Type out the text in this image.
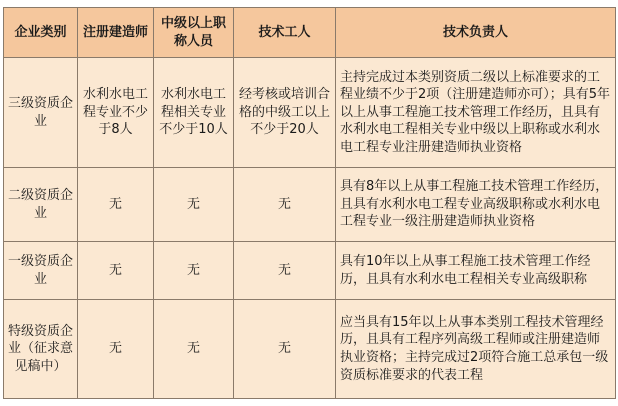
企业类别	注册建造师	中级以上职称人员	技术工人	技术负责人
三级资质企业	水利水电工程专业不少于8人	水利水电工程相关专业不少于10人	经考核或培训合格的中级工以上不少于20人	主持完成过本类别资质二级以上标准要求的工程业绩不少于2项（注册建造师亦可）；具有5年以上从事工程施工技术管理工作经历，且具有水利水电工程相关专业中级以上职称或水利水电工程专业注册建造师执业资格
二级资质企业	无	无	无	具有8年以上从事工程施工技术管理工作经历，且具有水利水电工程专业高级职称或水利水电工程专业一级注册建造师执业资格
一级资质企业	无	无	无	具有10年以上从事工程施工技术管理工作经历，且具有水利水电工程相关专业高级职称
特级资质企业（征求意见稿中）	无	无	无	应当具有15年以上从事本类别工程技术管理经历，且具有工程序列高级工程师或注册建造师执业资格；主持完成过2项符合施工总承包一级资质标准要求的代表工程
